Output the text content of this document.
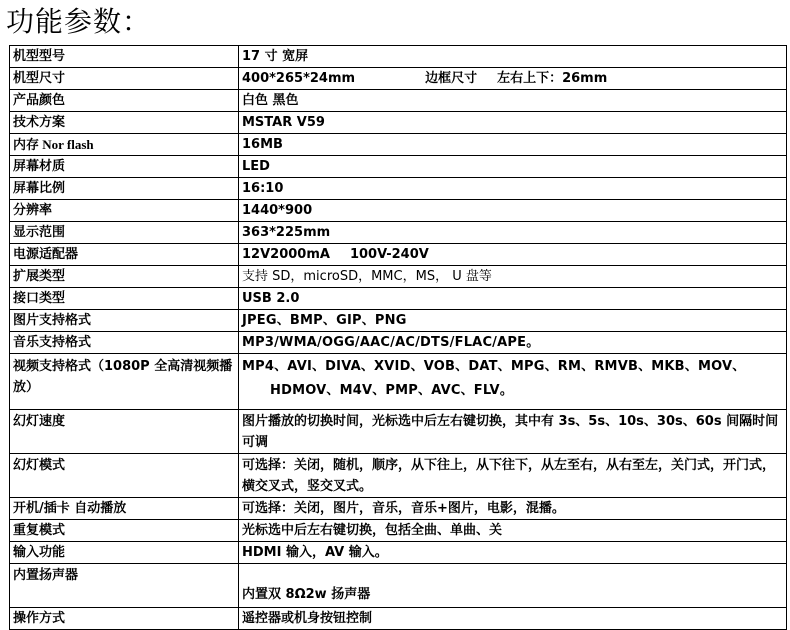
功能参数：
机型型号	17 寸 宽屏
机型尺寸	400*265*24mm 边框尺寸 左右上下：26mm
产品颜色	白色 黑色
技术方案	MSTAR V59
内存 Nor flash	16MB
屏幕材质	LED
屏幕比例	16:10
分辨率	1440*900
显示范围	363*225mm
电源适配器	12V2000mA 100V-240V
扩展类型	支持 SD，microSD，MMC，MS， U 盘等
接口类型	USB 2.0
图片支持格式	JPEG、BMP、GIP、PNG
音乐支持格式	MP3/WMA/OGG/AAC/AC/DTS/FLAC/APE。
视频支持格式（1080P 全高清视频播放）	MP4、AVI、DIVA、XVID、VOB、DAT、MPG、RM、RMVB、MKB、MOV、
HDMOV、M4V、PMP、AVC、FLV。

幻灯速度	图片播放的切换时间，光标选中后左右键切换，其中有 3s、5s、10s、30s、60s 间隔时间可调
幻灯模式	可选择：关闭，随机，顺序，从下往上，从下往下，从左至右，从右至左，关门式，开门式，横交叉式，竖交叉式。
开机/插卡 自动播放	可选择：关闭，图片，音乐，音乐+图片，电影，混播。
重复模式	光标选中后左右键切换，包括全曲、单曲、关
输入功能	HDMI 输入，AV 输入。
内置扬声器	内置双 8Ω2w 扬声器
操作方式	遥控器或机身按钮控制
